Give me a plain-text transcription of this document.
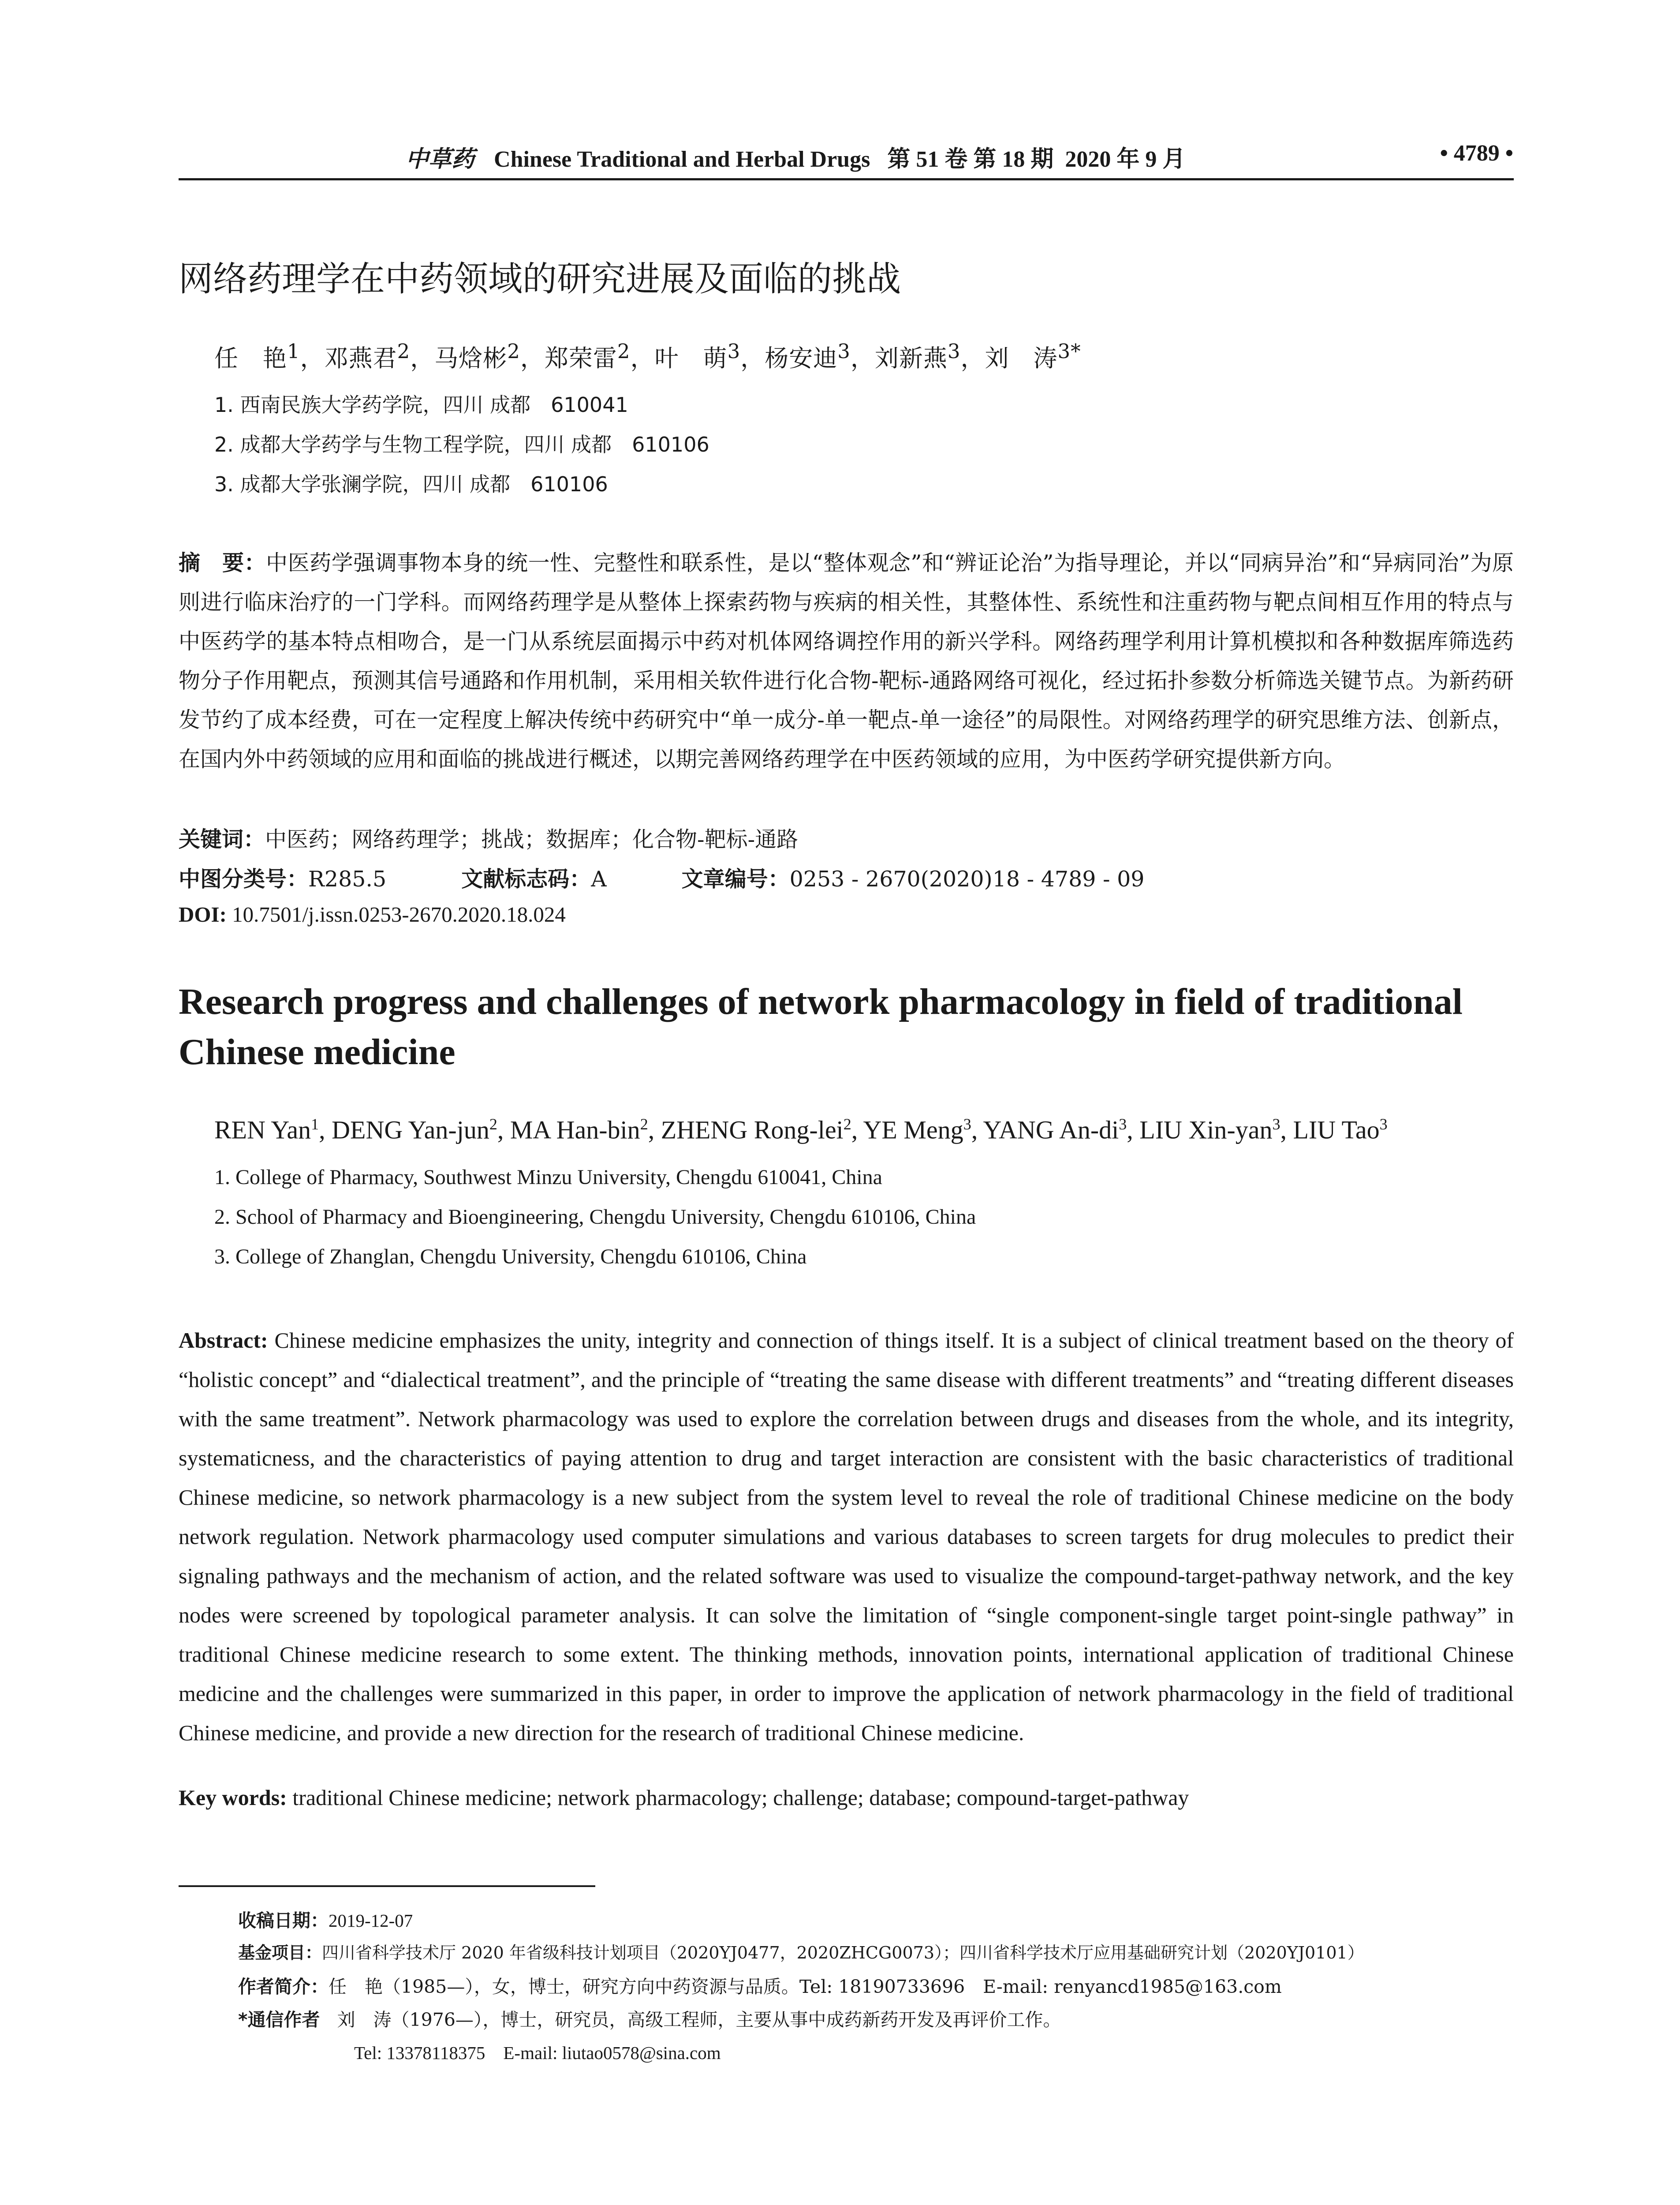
中草药 Chinese Traditional and Herbal Drugs   第 51 卷 第 18 期  2020 年 9 月	• 4789 •
网络药理学在中药领域的研究进展及面临的挑战
任　艳$^1$，邓燕君$^2$，马焓彬$^2$，郑荣雷$^2$，叶　萌$^3$，杨安迪$^3$，刘新燕$^3$，刘　涛$^{3*}$
1. 西南民族大学药学院，四川 成都　610041
2. 成都大学药学与生物工程学院，四川 成都　610106
3. 成都大学张澜学院，四川 成都　610106
摘　要：中医药学强调事物本身的统一性、完整性和联系性，是以“整体观念”和“辨证论治”为指导理论，并以“同病异治”和“异病同治”为原则进行临床治疗的一门学科。而网络药理学是从整体上探索药物与疾病的相关性，其整体性、系统性和注重药物与靶点间相互作用的特点与中医药学的基本特点相吻合，是一门从系统层面揭示中药对机体网络调控作用的新兴学科。网络药理学利用计算机模拟和各种数据库筛选药物分子作用靶点，预测其信号通路和作用机制，采用相关软件进行化合物-靶标-通路网络可视化，经过拓扑参数分析筛选关键节点。为新药研发节约了成本经费，可在一定程度上解决传统中药研究中“单一成分-单一靶点-单一途径”的局限性。对网络药理学的研究思维方法、创新点，在国内外中药领域的应用和面临的挑战进行概述，以期完善网络药理学在中医药领域的应用，为中医药学研究提供新方向。
关键词：中医药；网络药理学；挑战；数据库；化合物-靶标-通路
中图分类号：R285.5	文献标志码：A	文章编号：0253 - 2670(2020)18 - 4789 - 09
DOI: 10.7501/j.issn.0253-2670.2020.18.024
Research progress and challenges of network pharmacology in field of traditional Chinese medicine
REN Yan$^1$, DENG Yan-jun$^2$, MA Han-bin$^2$, ZHENG Rong-lei$^2$, YE Meng$^3$, YANG $An-di^3$, LIU Xin-yan$^3$, LIU Tao$^3$
1. College of Pharmacy, Southwest Minzu University, Chengdu 610041, China
2. School of Pharmacy and Bioengineering, Chengdu University, Chengdu 610106, China
3. College of Zhanglan, Chengdu University, Chengdu 610106, China
Abstract: Chinese medicine emphasizes the unity, integrity and connection of things itself. It is a subject of clinical treatment based on the theory of “holistic concept” and “dialectical treatment”, and the principle of “treating the same disease with different treatments” and “treating different diseases with the same treatment”. Network pharmacology was used to explore the correlation between drugs and diseases from the whole, and its integrity, systematicness, and the characteristics of paying attention to drug and target interaction are consistent with the basic characteristics of traditional Chinese medicine, so network pharmacology is a new subject from the system level to reveal the role of traditional Chinese medicine on the body network regulation. Network pharmacology used computer simulations and various databases to screen targets for drug molecules to predict their signaling pathways and the mechanism of action, and the related software was used to visualize the compound-target-pathway network, and the key nodes were screened by topological parameter analysis. It can solve the limitation of “single component-single target point-single pathway” in traditional Chinese medicine research to some extent. The thinking methods, innovation points, international application of traditional Chinese medicine and the challenges were summarized in this paper, in order to improve the application of network pharmacology in the field of traditional Chinese medicine, and provide a new direction for the research of traditional Chinese medicine.
Key words: traditional Chinese medicine; network pharmacology; challenge; database; compound-target-pathway
收稿日期：2019-12-07
基金项目：四川省科学技术厅 2020 年省级科技计划项目（2020YJ0477，2020ZHCG0073）；四川省科学技术厅应用基础研究计划（2020YJ0101）
作者简介：任　艳（1985—），女，博士，研究方向中药资源与品质。Tel: 18190733696　E-mail: renyancd1985@163.com
*通信作者 刘　涛（1976—），博士，研究员，高级工程师，主要从事中成药新药开发及再评价工作。
Tel: 13378118375　E-mail: liutao0578@sina.com
